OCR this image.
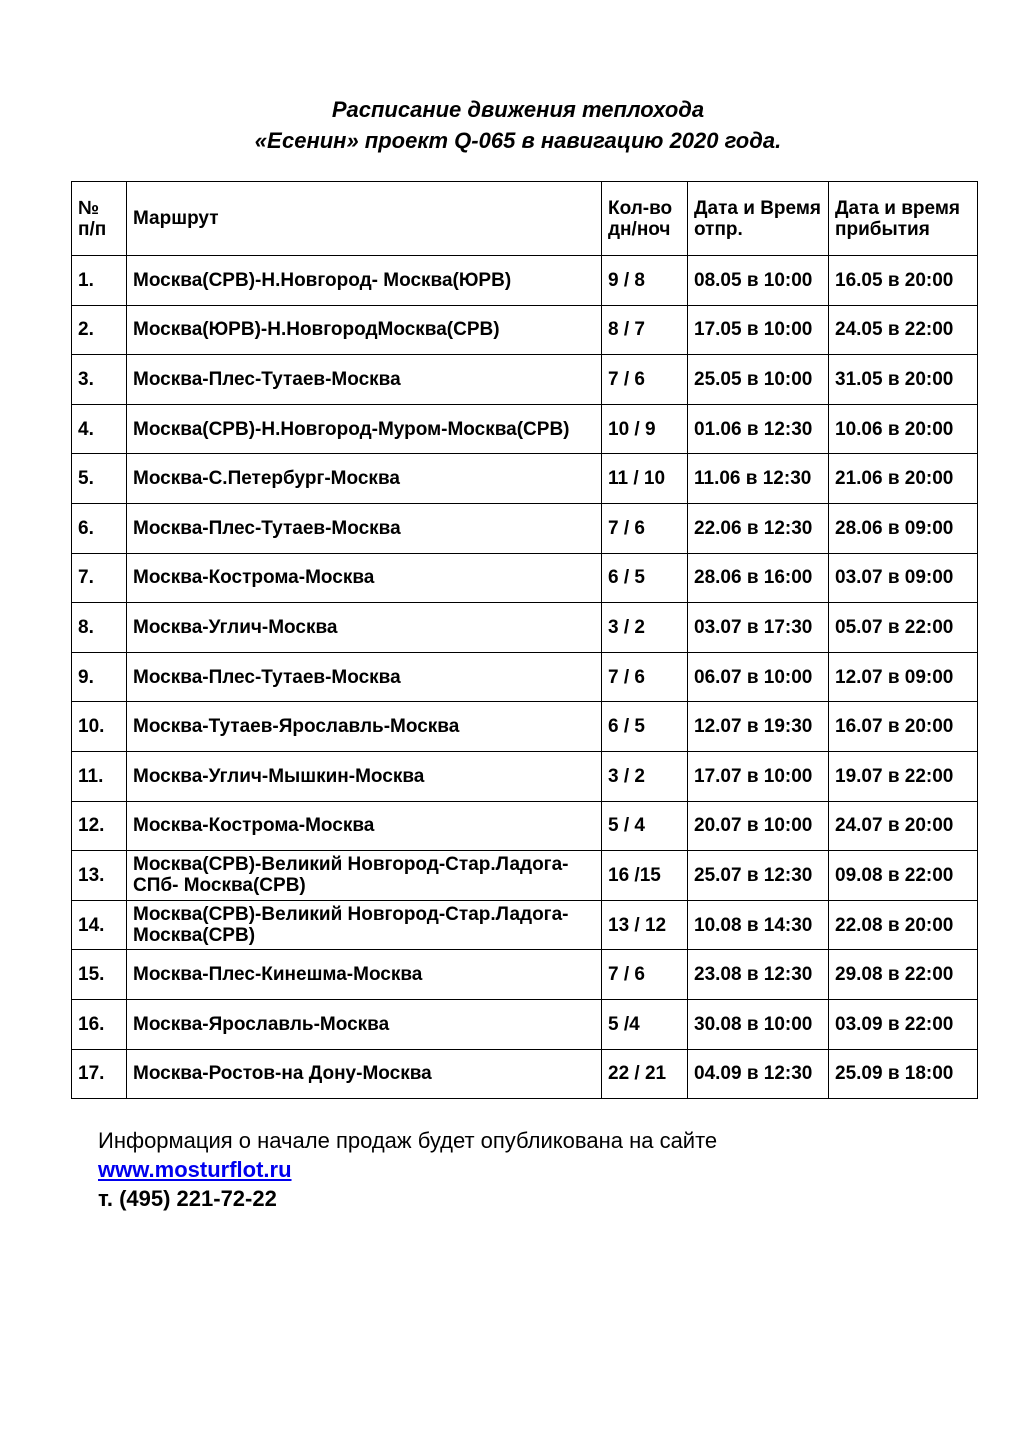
Расписание движения теплохода
«Есенин» проект Q-065 в навигацию 2020 года.
№ п/п	Маршрут	Кол-во дн/ноч	Дата и Время отпр.	Дата и время прибытия
1.	Москва(СРВ)-Н.Новгород- Москва(ЮРВ)	9 / 8	08.05 в 10:00	16.05 в 20:00
2.	Москва(ЮРВ)-Н.НовгородМосква(СРВ)	8 / 7	17.05 в 10:00	24.05 в 22:00
3.	Москва-Плес-Тутаев-Москва	7 / 6	25.05 в 10:00	31.05 в 20:00
4.	Москва(СРВ)-Н.Новгород-Муром-Москва(СРВ)	10 / 9	01.06 в 12:30	10.06 в 20:00
5.	Москва-С.Петербург-Москва	11 / 10	11.06 в 12:30	21.06 в 20:00
6.	Москва-Плес-Тутаев-Москва	7 / 6	22.06 в 12:30	28.06 в 09:00
7.	Москва-Кострома-Москва	6 / 5	28.06 в 16:00	03.07 в 09:00
8.	Москва-Углич-Москва	3 / 2	03.07 в 17:30	05.07 в 22:00
9.	Москва-Плес-Тутаев-Москва	7 / 6	06.07 в 10:00	12.07 в 09:00
10.	Москва-Тутаев-Ярославль-Москва	6 / 5	12.07 в 19:30	16.07 в 20:00
11.	Москва-Углич-Мышкин-Москва	3 / 2	17.07 в 10:00	19.07 в 22:00
12.	Москва-Кострома-Москва	5 / 4	20.07 в 10:00	24.07 в 20:00
13.	Москва(СРВ)-Великий Новгород-Стар.Ладога-СПб- Москва(СРВ)	16 /15	25.07 в 12:30	09.08 в 22:00
14.	Москва(СРВ)-Великий Новгород-Стар.Ладога-Москва(СРВ)	13 / 12	10.08 в 14:30	22.08 в 20:00
15.	Москва-Плес-Кинешма-Москва	7 / 6	23.08 в 12:30	29.08 в 22:00
16.	Москва-Ярославль-Москва	5 /4	30.08 в 10:00	03.09 в 22:00
17.	Москва-Ростов-на Дону-Москва	22 / 21	04.09 в 12:30	25.09 в 18:00
Информация о начале продаж будет опубликована на сайте
www.mosturflot.ru
т. (495) 221-72-22
